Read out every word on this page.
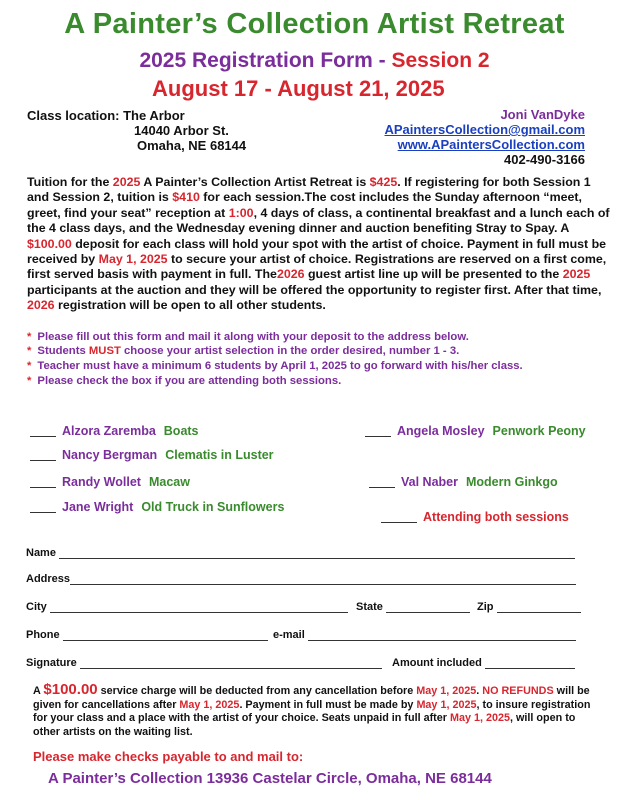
A Painter’s Collection Artist Retreat
2025 Registration Form - Session 2
August 17 - August 21, 2025
Class location: The Arbor
14040 Arbor St.
Omaha, NE 68144
Joni VanDyke
APaintersCollection@gmail.com
www.APaintersCollection.com
402-490-3166
Tuition for the 2025 A Painter’s Collection Artist Retreat is $425. If registering for both Session 1 and Session 2, tuition is $410 for each session.The cost includes the Sunday afternoon “meet, greet, find your seat” reception at 1:00, 4 days of class, a continental breakfast and a lunch each of the 4 class days, and the Wednesday evening dinner and auction benefiting Stray to Spay. A $100.00 deposit for each class will hold your spot with the artist of choice. Payment in full must be received by May 1, 2025 to secure your artist of choice. Registrations are reserved on a first come, first served basis with payment in full. The2026 guest artist line up will be presented to the 2025 participants at the auction and they will be offered the opportunity to register first. After that time, 2026 registration will be open to all other students.
* Please fill out this form and mail it along with your deposit to the address below.
* Students MUST choose your artist selection in the order desired, number 1 - 3.
* Teacher must have a minimum 6 students by April 1, 2025 to go forward with his/her class.
* Please check the box if you are attending both sessions.
Alzora Zaremba Boats
Nancy Bergman Clematis in Luster
Randy Wollet Macaw
Jane Wright Old Truck in Sunflowers
Angela Mosley Penwork Peony
Val Naber Modern Ginkgo
Attending both sessions
Name
Address
City	State	Zip
Phone	e-mail
Signature	Amount included
A $100.00 service charge will be deducted from any cancellation before May 1, 2025. NO REFUNDS will be given for cancellations after May 1, 2025. Payment in full must be made by May 1, 2025, to insure registration for your class and a place with the artist of your choice. Seats unpaid in full after May 1, 2025, will open to other artists on the waiting list.
Please make checks payable to and mail to:
A Painter’s Collection 13936 Castelar Circle, Omaha, NE 68144
